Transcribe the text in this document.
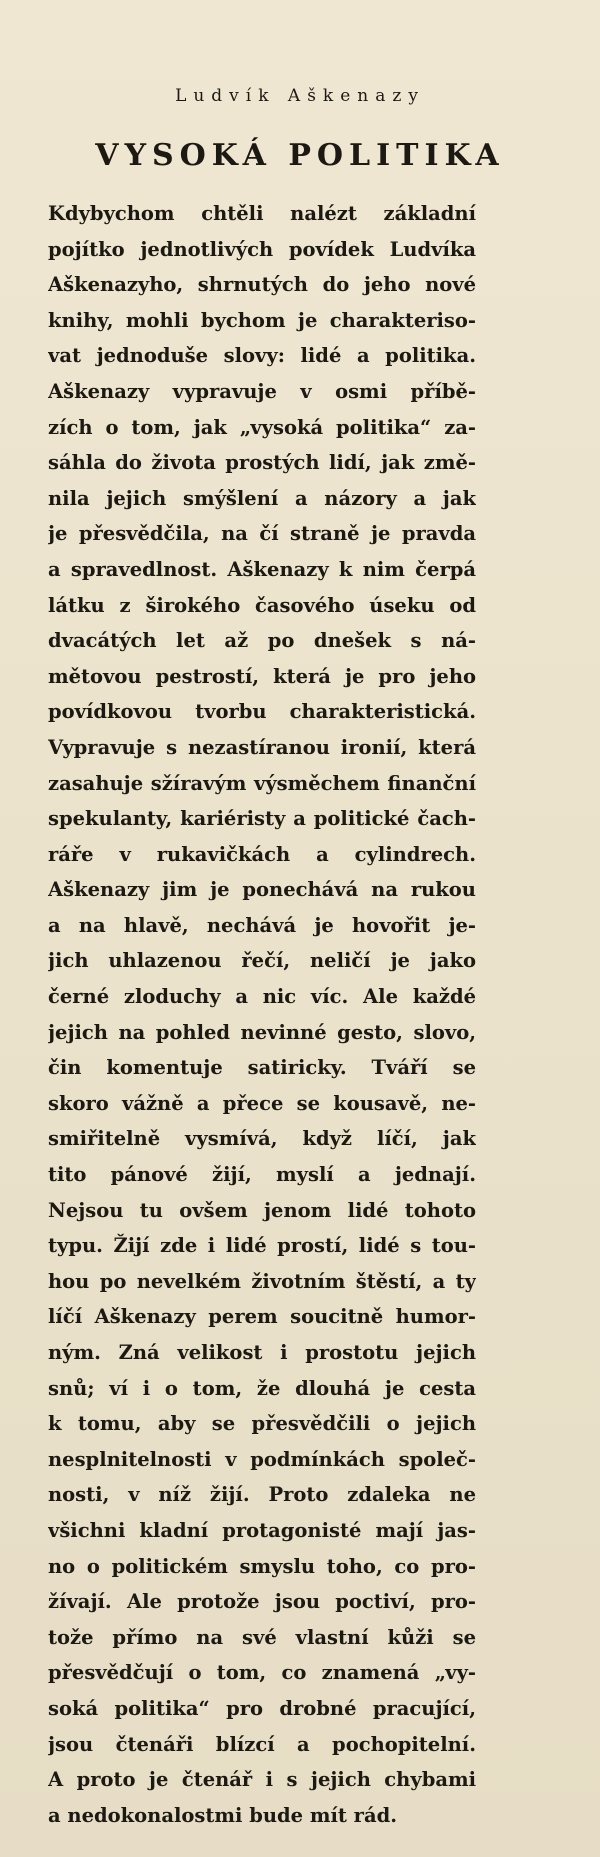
Ludvík Aškenazy
VYSOKÁ POLITIKA
Kdybychom chtěli nalézt základní
pojítko jednotlivých povídek Ludvíka
Aškenazyho, shrnutých do jeho nové
knihy, mohli bychom je charakteriso-
vat jednoduše slovy: lidé a politika.
Aškenazy vypravuje v osmi příbě-
zích o tom, jak „vysoká politika“ za-
sáhla do života prostých lidí, jak změ-
nila jejich smýšlení a názory a jak
je přesvědčila, na čí straně je pravda
a spravedlnost. Aškenazy k nim čerpá
látku z širokého časového úseku od
dvacátých let až po dnešek s ná-
mětovou pestrostí, která je pro jeho
povídkovou tvorbu charakteristická.
Vypravuje s nezastíranou ironií, která
zasahuje sžíravým výsměchem finanční
spekulanty, kariéristy a politické čach-
ráře v rukavičkách a cylindrech.
Aškenazy jim je ponechává na rukou
a na hlavě, nechává je hovořit je-
jich uhlazenou řečí, neličí je jako
černé zloduchy a nic víc. Ale každé
jejich na pohled nevinné gesto, slovo,
čin komentuje satiricky. Tváří se
skoro vážně a přece se kousavě, ne-
smiřitelně vysmívá, když líčí, jak
tito pánové žijí, myslí a jednají.
Nejsou tu ovšem jenom lidé tohoto
typu. Žijí zde i lidé prostí, lidé s tou-
hou po nevelkém životním štěstí, a ty
líčí Aškenazy perem soucitně humor-
ným. Zná velikost i prostotu jejich
snů; ví i o tom, že dlouhá je cesta
k tomu, aby se přesvědčili o jejich
nesplnitelnosti v podmínkách společ-
nosti, v níž žijí. Proto zdaleka ne
všichni kladní protagonisté mají jas-
no o politickém smyslu toho, co pro-
žívají. Ale protože jsou poctiví, pro-
tože přímo na své vlastní kůži se
přesvědčují o tom, co znamená „vy-
soká politika“ pro drobné pracující,
jsou čtenáři blízcí a pochopitelní.
A proto je čtenář i s jejich chybami
a nedokonalostmi bude mít rád.
